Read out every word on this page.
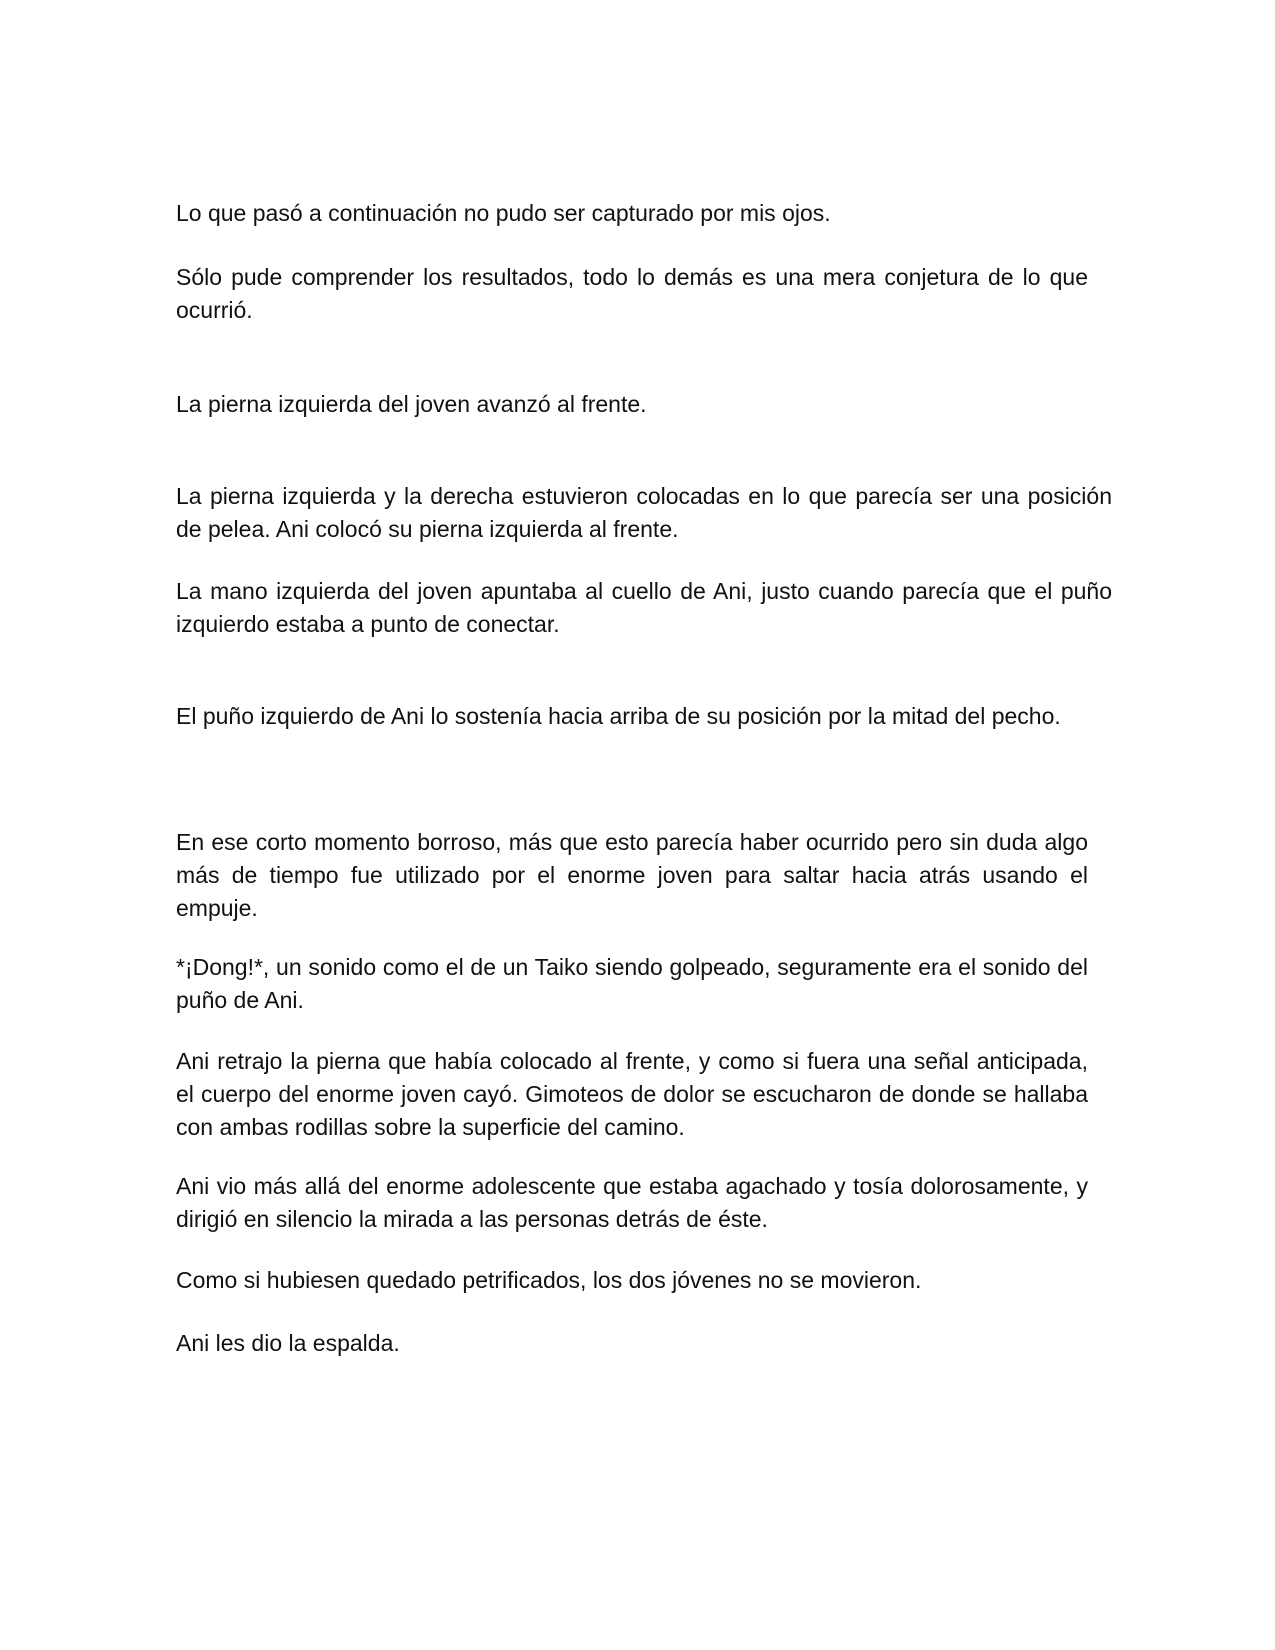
Lo que pasó a continuación no pudo ser capturado por mis ojos.

Sólo pude comprender los resultados, todo lo demás es una mera conjetura de lo que ocurrió.

La pierna izquierda del joven avanzó al frente.

La pierna izquierda y la derecha estuvieron colocadas en lo que parecía ser una posición de pelea. Ani colocó su pierna izquierda al frente.

La mano izquierda del joven apuntaba al cuello de Ani, justo cuando parecía que el puño izquierdo estaba a punto de conectar.

El puño izquierdo de Ani lo sostenía hacia arriba de su posición por la mitad del pecho.

En ese corto momento borroso, más que esto parecía haber ocurrido pero sin duda algo más de tiempo fue utilizado por el enorme joven para saltar hacia atrás usando el empuje.

*¡Dong!*, un sonido como el de un Taiko siendo golpeado, seguramente era el sonido del puño de Ani.

Ani retrajo la pierna que había colocado al frente, y como si fuera una señal anticipada, el cuerpo del enorme joven cayó. Gimoteos de dolor se escucharon de donde se hallaba con ambas rodillas sobre la superficie del camino.

Ani vio más allá del enorme adolescente que estaba agachado y tosía dolorosamente, y dirigió en silencio la mirada a las personas detrás de éste.

Como si hubiesen quedado petrificados, los dos jóvenes no se movieron.

Ani les dio la espalda.
